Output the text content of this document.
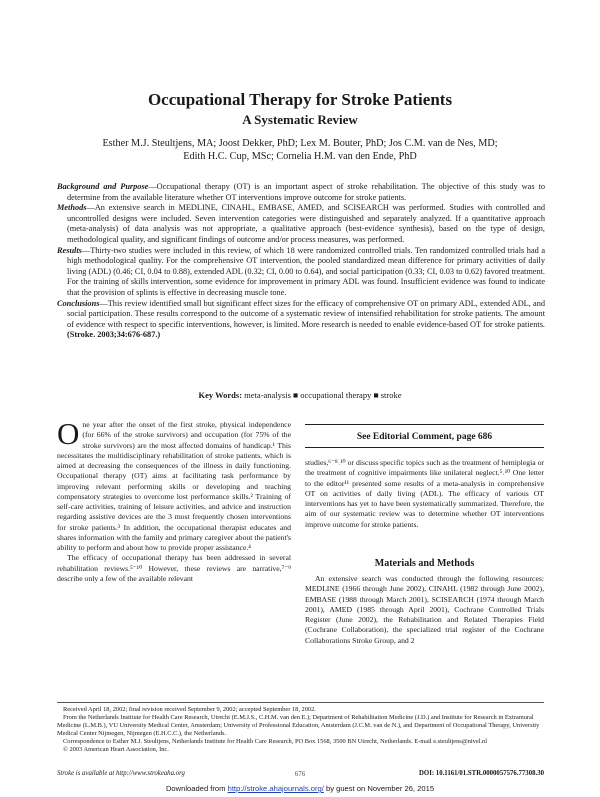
Occupational Therapy for Stroke Patients
A Systematic Review
Esther M.J. Steultjens, MA; Joost Dekker, PhD; Lex M. Bouter, PhD; Jos C.M. van de Nes, MD;
Edith H.C. Cup, MSc; Cornelia H.M. van den Ende, PhD

Background and Purpose—Occupational therapy (OT) is an important aspect of stroke rehabilitation. The objective of this study was to determine from the available literature whether OT interventions improve outcome for stroke patients.

Methods—An extensive search in MEDLINE, CINAHL, EMBASE, AMED, and SCISEARCH was performed. Studies with controlled and uncontrolled designs were included. Seven intervention categories were distinguished and separately analyzed. If a quantitative approach (meta-analysis) of data analysis was not appropriate, a qualitative approach (best-evidence synthesis), based on the type of design, methodological quality, and significant findings of outcome and/or process measures, was performed.

Results—Thirty-two studies were included in this review, of which 18 were randomized controlled trials. Ten randomized controlled trials had a high methodological quality. For the comprehensive OT intervention, the pooled standardized mean difference for primary activities of daily living (ADL) (0.46; CI, 0.04 to 0.88), extended ADL (0.32; CI, 0.00 to 0.64), and social participation (0.33; CI, 0.03 to 0.62) favored treatment. For the training of skills intervention, some evidence for improvement in primary ADL was found. Insufficient evidence was found to indicate that the provision of splints is effective in decreasing muscle tone.

Conclusions—This review identified small but significant effect sizes for the efficacy of comprehensive OT on primary ADL, extended ADL, and social participation. These results correspond to the outcome of a systematic review of intensified rehabilitation for stroke patients. The amount of evidence with respect to specific interventions, however, is limited. More research is needed to enable evidence-based OT for stroke patients. (Stroke. 2003;34:676-687.)

Key Words: meta-analysis ■ occupational therapy ■ stroke

One year after the onset of the first stroke, physical independence (for 66% of the stroke survivors) and occupation (for 75% of the stroke survivors) are the most affected domains of handicap.¹ This necessitates the multidisciplinary rehabilitation of stroke patients, which is aimed at decreasing the consequences of the illness in daily functioning. Occupational therapy (OT) aims at facilitating task performance by improving relevant performing skills or developing and teaching compensatory strategies to overcome lost performance skills.² Training of self-care activities, training of leisure activities, and advice and instruction regarding assistive devices are the 3 most frequently chosen interventions for stroke patients.³ In addition, the occupational therapist educates and shares information with the family and primary caregiver about the patient's ability to perform and about how to provide proper assistance.⁴

The efficacy of occupational therapy has been addressed in several rehabilitation reviews.⁵⁻¹⁰ However, these reviews are narrative,⁷⁻⁹ describe only a few of the available relevant

See Editorial Comment, page 686

studies,⁶⁻⁸˒¹⁰ or discuss specific topics such as the treatment of hemiplegia or the treatment of cognitive impairments like unilateral neglect.⁵˒¹⁰ One letter to the editor¹¹ presented some results of a meta-analysis in comprehensive OT on activities of daily living (ADL). The efficacy of various OT interventions has yet to have been systematically summarized. Therefore, the aim of our systematic review was to determine whether OT interventions improve outcome for stroke patients.

Materials and Methods

An extensive search was conducted through the following resources: MEDLINE (1966 through June 2002), CINAHL (1982 through June 2002), EMBASE (1988 through March 2001), SCISEARCH (1974 through March 2001), AMED (1985 through April 2001), Cochrane Controlled Trials Register (June 2002), the Rehabilitation and Related Therapies Field (Cochrane Collaboration), the specialized trial register of the Cochrane Collaborations Stroke Group, and 2

Received April 18, 2002; final revision received September 9, 2002; accepted September 18, 2002.

From the Netherlands Institute for Health Care Research, Utrecht (E.M.J.S., C.H.M. van den E.); Department of Rehabilitation Medicine (J.D.) and Institute for Research in Extramural Medicine (L.M.B.), VU University Medical Center, Amsterdam; University of Professional Education, Amsterdam (J.C.M. van de N.), and Department of Occupational Therapy, University Medical Center Nijmegen, Nijmegen (E.H.C.C.), the Netherlands.

Correspondence to Esther M.J. Steultjens, Netherlands Institute for Health Care Research, PO Box 1568, 3500 BN Utrecht, Netherlands. E-mail e.steultjens@nivel.nl

© 2003 American Heart Association, Inc.

Stroke is available at http://www.strokeaha.org	DOI: 10.1161/01.STR.0000057576.77308.30
676
Downloaded from http://stroke.ahajournals.org/ by guest on November 26, 2015
